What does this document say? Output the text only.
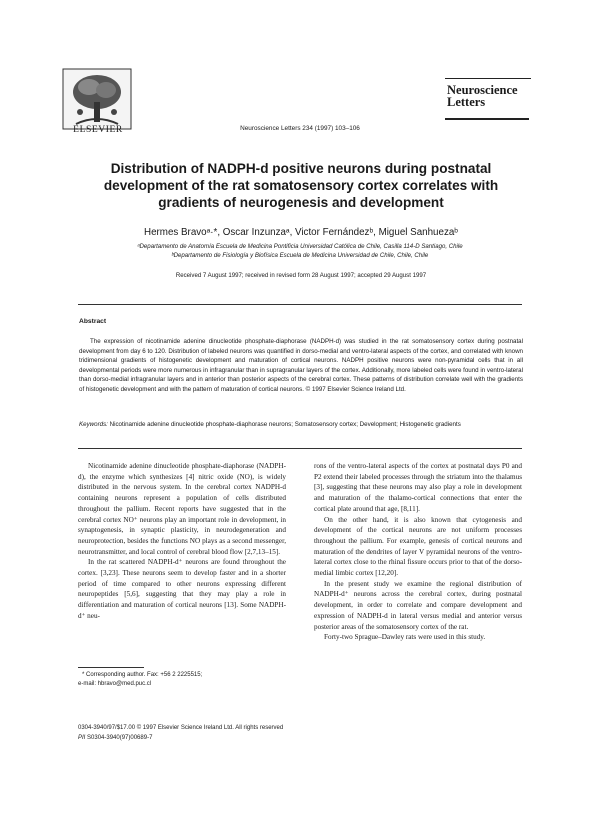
ELSEVIER	Neuroscience Letters 234 (1997) 103–106
Neuroscience
Letters
Distribution of NADPH-d positive neurons during postnatal development of the rat somatosensory cortex correlates with gradients of neurogenesis and development
Hermes Bravoᵃ·*, Oscar Inzunzaᵃ, Victor Fernándezᵇ, Miguel Sanhuezaᵇ
ᵃDepartamento de Anatomía Escuela de Medicina Pontificia Universidad Católica de Chile, Casilla 114-D Santiago, Chile
ᵇDepartamento de Fisiología y Biofísica Escuela de Medicina Universidad de Chile, Chile, Chile
Received 7 August 1997; received in revised form 28 August 1997; accepted 29 August 1997
Abstract
The expression of nicotinamide adenine dinucleotide phosphate-diaphorase (NADPH-d) was studied in the rat somatosensory cortex during postnatal development from day 6 to 120. Distribution of labeled neurons was quantified in dorso-medial and ventro-lateral aspects of the cortex, and correlated with known tridimensional gradients of histogenetic development and maturation of cortical neurons. NADPH positive neurons were non-pyramidal cells that in all developmental periods were more numerous in infragranular than in supragranular layers of the cortex. Additionally, more labeled cells were found in ventro-lateral than dorso-medial infragranular layers and in anterior than posterior aspects of the cerebral cortex. These patterns of distribution correlate well with the gradients of histogenetic development and with the pattern of maturation of cortical neurons. © 1997 Elsevier Science Ireland Ltd.
Keywords: Nicotinamide adenine dinucleotide phosphate-diaphorase neurons; Somatosensory cortex; Development; Histogenetic gradients

Nicotinamide adenine dinucleotide phosphate-diaphorase (NADPH-d), the enzyme which synthesizes [4] nitric oxide (NO), is widely distributed in the nervous system. In the cerebral cortex NADPH-d containing neurons represent a population of cells distributed throughout the pallium. Recent reports have suggested that in the cerebral cortex NO⁺ neurons play an important role in development, in synaptogenesis, in synaptic plasticity, in neurodegeneration and neuroprotection, besides the functions NO plays as a second messenger, neurotransmitter, and local control of cerebral blood flow [2,7,13–15].

In the rat scattered NADPH-d⁺ neurons are found throughout the cortex. [3,23]. These neurons seem to develop faster and in a shorter period of time compared to other neurons expressing different neuropeptides [5,6], suggesting that they may play a role in differentiation and maturation of cortical neurons [13]. Some NADPH-d⁺ neu-

rons of the ventro-lateral aspects of the cortex at postnatal days P0 and P2 extend their labeled processes through the striatum into the thalamus [3], suggesting that these neurons may also play a role in development and maturation of the thalamo-cortical connections that enter the cortical plate around that age, [8,11].

On the other hand, it is also known that cytogenesis and development of the cortical neurons are not uniform processes throughout the pallium. For example, genesis of cortical neurons and maturation of the dendrites of layer V pyramidal neurons of the ventro-lateral cortex close to the rhinal fissure occurs prior to that of the dorso-medial limbic cortex [12,20].

In the present study we examine the regional distribution of NADPH-d⁺ neurons across the cerebral cortex, during postnatal development, in order to correlate and compare development and expression of NADPH-d in lateral versus medial and anterior versus posterior areas of the somatosensory cortex of the rat.

Forty-two Sprague–Dawley rats were used in this study.

* Corresponding author. Fax: +56 2 2225515;
e-mail: hbravo@med.puc.cl
0304-3940/97/$17.00 © 1997 Elsevier Science Ireland Ltd. All rights reserved
PII S0304-3940(97)00689-7
